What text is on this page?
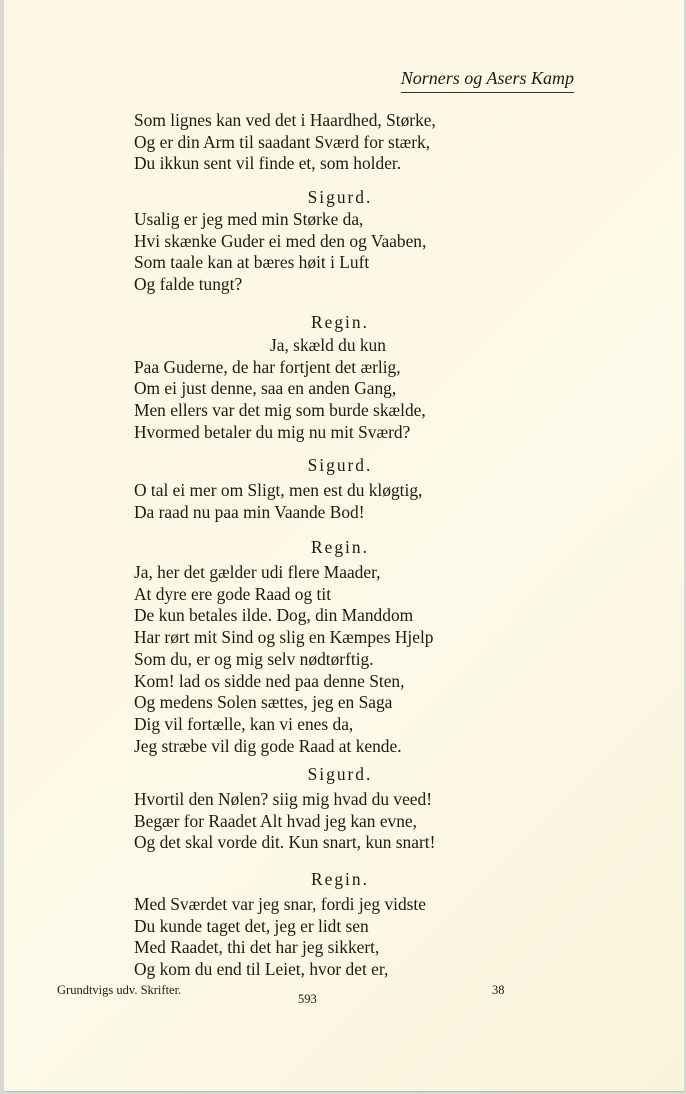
Norners og Asers Kamp
Som lignes kan ved det i Haardhed, Størke,
Og er din Arm til saadant Sværd for stærk,
Du ikkun sent vil finde et, som holder.
Sigurd.
Usalig er jeg med min Størke da,
Hvi skænke Guder ei med den og Vaaben,
Som taale kan at bæres høit i Luft
Og falde tungt?
Regin.
Ja, skæld du kun
Paa Guderne, de har fortjent det ærlig,
Om ei just denne, saa en anden Gang,
Men ellers var det mig som burde skælde,
Hvormed betaler du mig nu mit Sværd?
Sigurd.
O tal ei mer om Sligt, men est du kløgtig,
Da raad nu paa min Vaande Bod!
Regin.
Ja, her det gælder udi flere Maader,
At dyre ere gode Raad og tit
De kun betales ilde. Dog, din Manddom
Har rørt mit Sind og slig en Kæmpes Hjelp
Som du, er og mig selv nødtørftig.
Kom! lad os sidde ned paa denne Sten,
Og medens Solen sættes, jeg en Saga
Dig vil fortælle, kan vi enes da,
Jeg stræbe vil dig gode Raad at kende.
Sigurd.
Hvortil den Nølen? siig mig hvad du veed!
Begær for Raadet Alt hvad jeg kan evne,
Og det skal vorde dit. Kun snart, kun snart!
Regin.
Med Sværdet var jeg snar, fordi jeg vidste
Du kunde taget det, jeg er lidt sen
Med Raadet, thi det har jeg sikkert,
Og kom du end til Leiet, hvor det er,
Grundtvigs udv. Skrifter.
593
38
